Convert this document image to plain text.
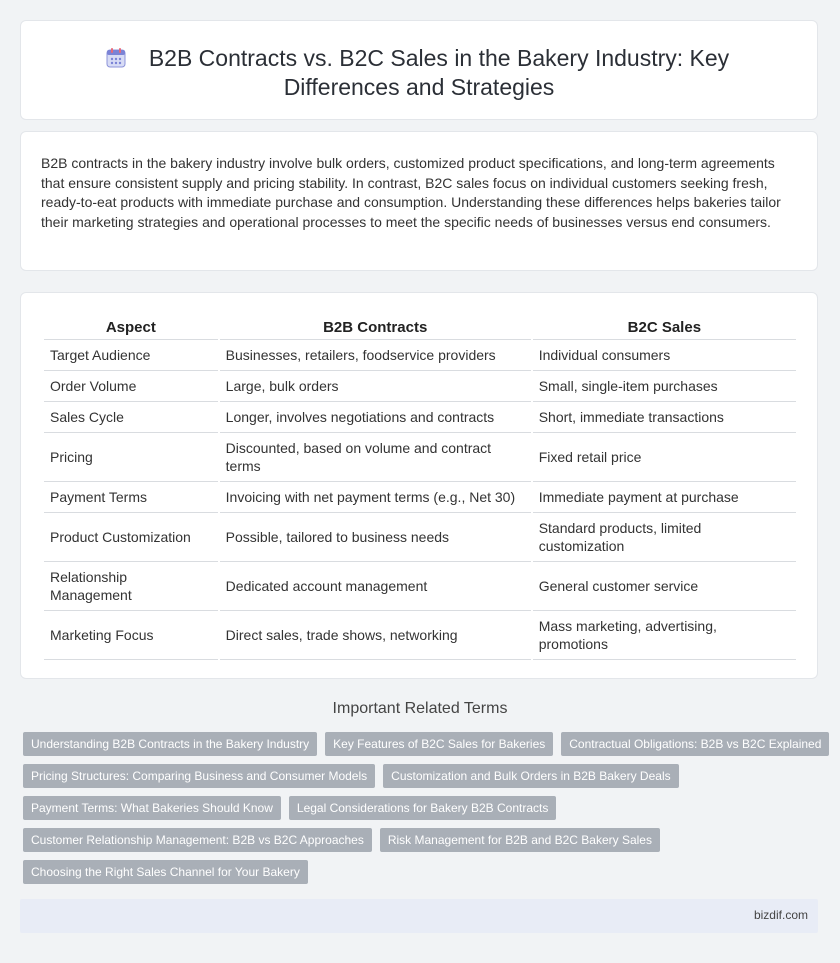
B2B Contracts vs. B2C Sales in the Bakery Industry: Key
Differences and Strategies

B2B contracts in the bakery industry involve bulk orders, customized product specifications, and long-term agreements that ensure consistent supply and pricing stability. In contrast, B2C sales focus on individual customers seeking fresh, ready-to-eat products with immediate purchase and consumption. Understanding these differences helps bakeries tailor their marketing strategies and operational processes to meet the specific needs of businesses versus end consumers.

Aspect	B2B Contracts	B2C Sales
Target Audience	Businesses, retailers, foodservice providers	Individual consumers
Order Volume	Large, bulk orders	Small, single-item purchases
Sales Cycle	Longer, involves negotiations and contracts	Short, immediate transactions
Pricing	Discounted, based on volume and contract terms	Fixed retail price
Payment Terms	Invoicing with net payment terms (e.g., Net 30)	Immediate payment at purchase
Product Customization	Possible, tailored to business needs	Standard products, limited customization
Relationship Management	Dedicated account management	General customer service
Marketing Focus	Direct sales, trade shows, networking	Mass marketing, advertising, promotions
Important Related Terms
Understanding B2B Contracts in the Bakery Industry	Key Features of B2C Sales for Bakeries	Contractual Obligations: B2B vs B2C Explained
Pricing Structures: Comparing Business and Consumer Models	Customization and Bulk Orders in B2B Bakery Deals
Payment Terms: What Bakeries Should Know	Legal Considerations for Bakery B2B Contracts
Customer Relationship Management: B2B vs B2C Approaches	Risk Management for B2B and B2C Bakery Sales
Choosing the Right Sales Channel for Your Bakery
bizdif.com
